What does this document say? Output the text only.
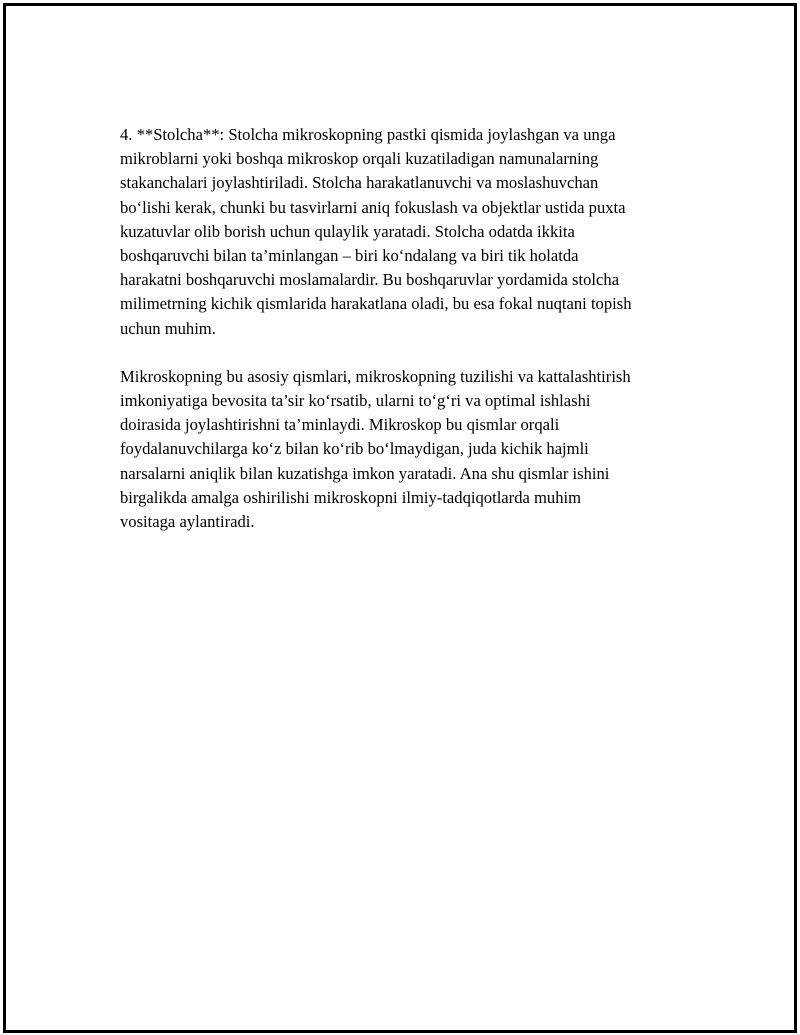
4. **Stolcha**: Stolcha mikroskopning pastki qismida joylashgan va unga
mikroblarni yoki boshqa mikroskop orqali kuzatiladigan namunalarning
stakanchalari joylashtiriladi. Stolcha harakatlanuvchi va moslashuvchan
bo‘lishi kerak, chunki bu tasvirlarni aniq fokuslash va objektlar ustida puxta
kuzatuvlar olib borish uchun qulaylik yaratadi. Stolcha odatda ikkita
boshqaruvchi bilan ta’minlangan – biri ko‘ndalang va biri tik holatda
harakatni boshqaruvchi moslamalardir. Bu boshqaruvlar yordamida stolcha
milimetrning kichik qismlarida harakatlana oladi, bu esa fokal nuqtani topish
uchun muhim.

Mikroskopning bu asosiy qismlari, mikroskopning tuzilishi va kattalashtirish
imkoniyatiga bevosita ta’sir ko‘rsatib, ularni to‘g‘ri va optimal ishlashi
doirasida joylashtirishni ta’minlaydi. Mikroskop bu qismlar orqali
foydalanuvchilarga ko‘z bilan ko‘rib bo‘lmaydigan, juda kichik hajmli
narsalarni aniqlik bilan kuzatishga imkon yaratadi. Ana shu qismlar ishini
birgalikda amalga oshirilishi mikroskopni ilmiy-tadqiqotlarda muhim
vositaga aylantiradi.
